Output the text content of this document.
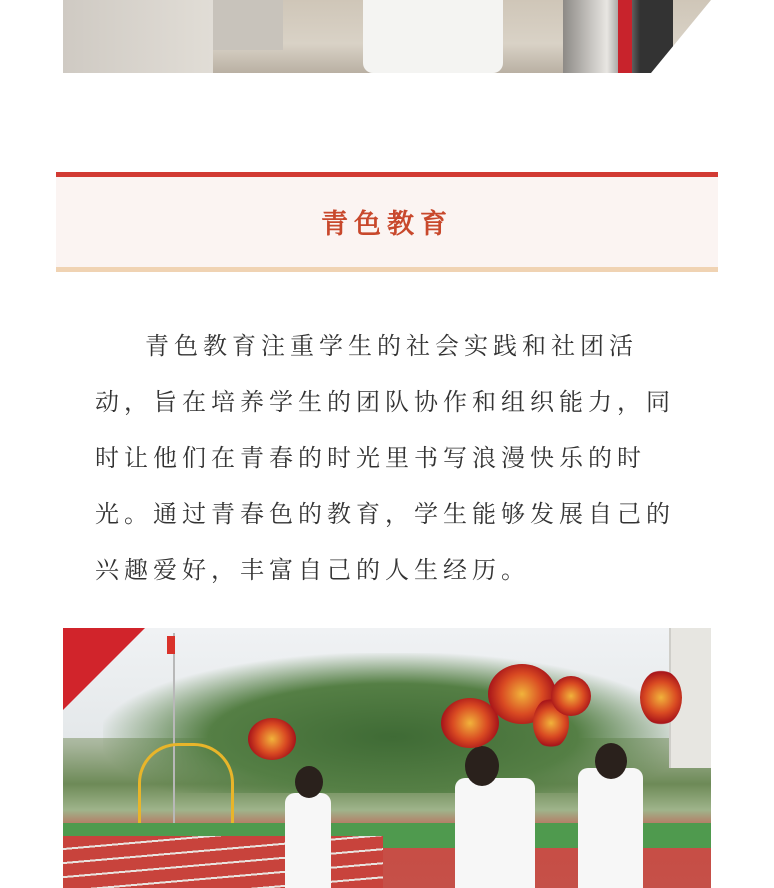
青色教育

青色教育注重学生的社会实践和社团活动，旨在培养学生的团队协作和组织能力，同时让他们在青春的时光里书写浪漫快乐的时光。通过青春色的教育，学生能够发展自己的兴趣爱好，丰富自己的人生经历。
